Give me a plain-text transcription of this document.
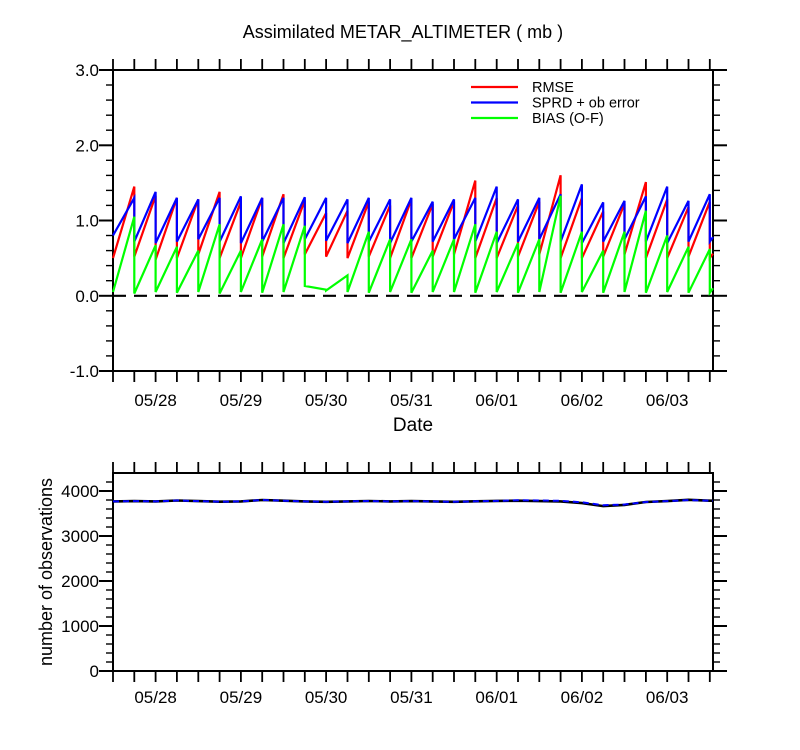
Assimilated METAR_ALTIMETER ( mb )
05/28	05/29	05/30	05/31	06/01	06/02	06/03
-1.0
0.0
1.0
2.0
3.0
RMSE
SPRD + ob error
BIAS (O-F)
Date
05/28	05/29	05/30	05/31	06/01	06/02	06/03
0
1000
2000
3000
4000
number of observations
